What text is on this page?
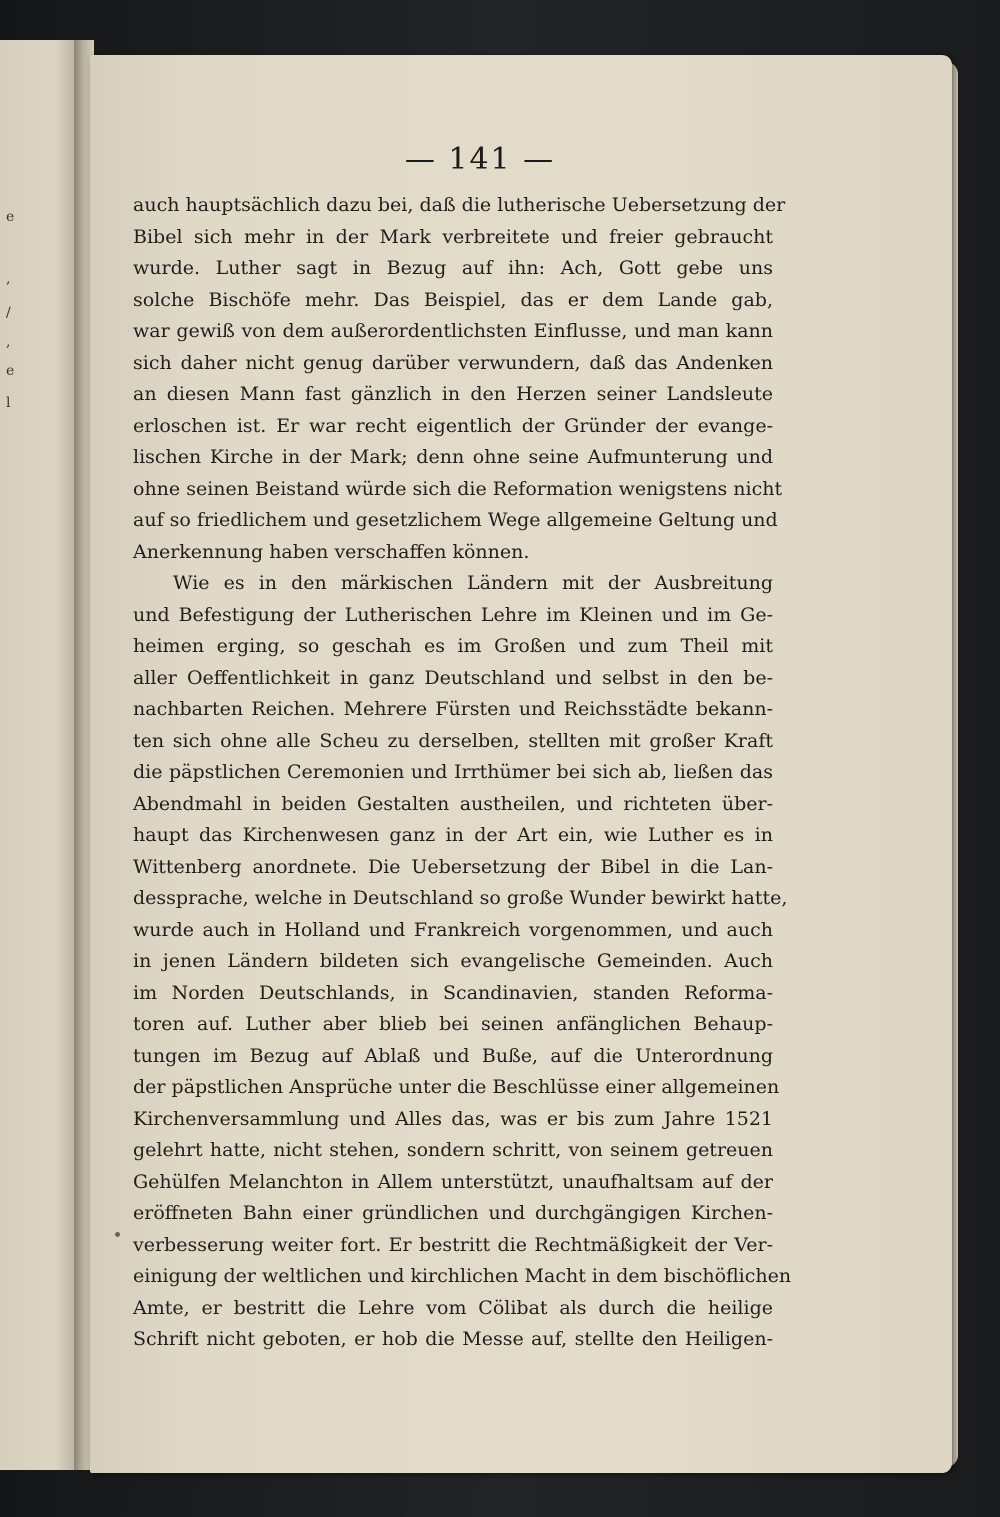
e
,
/
,
e
l
— 141 —
auch hauptsächlich dazu bei, daß die lutherische Uebersetzung der
Bibel sich mehr in der Mark verbreitete und freier gebraucht
wurde. Luther sagt in Bezug auf ihn: Ach, Gott gebe uns
solche Bischöfe mehr. Das Beispiel, das er dem Lande gab,
war gewiß von dem außerordentlichsten Einflusse, und man kann
sich daher nicht genug darüber verwundern, daß das Andenken
an diesen Mann fast gänzlich in den Herzen seiner Landsleute
erloschen ist. Er war recht eigentlich der Gründer der evange-
lischen Kirche in der Mark; denn ohne seine Aufmunterung und
ohne seinen Beistand würde sich die Reformation wenigstens nicht
auf so friedlichem und gesetzlichem Wege allgemeine Geltung und
Anerkennung haben verschaffen können.
Wie es in den märkischen Ländern mit der Ausbreitung
und Befestigung der Lutherischen Lehre im Kleinen und im Ge-
heimen erging, so geschah es im Großen und zum Theil mit
aller Oeffentlichkeit in ganz Deutschland und selbst in den be-
nachbarten Reichen. Mehrere Fürsten und Reichsstädte bekann-
ten sich ohne alle Scheu zu derselben, stellten mit großer Kraft
die päpstlichen Ceremonien und Irrthümer bei sich ab, ließen das
Abendmahl in beiden Gestalten austheilen, und richteten über-
haupt das Kirchenwesen ganz in der Art ein, wie Luther es in
Wittenberg anordnete. Die Uebersetzung der Bibel in die Lan-
dessprache, welche in Deutschland so große Wunder bewirkt hatte,
wurde auch in Holland und Frankreich vorgenommen, und auch
in jenen Ländern bildeten sich evangelische Gemeinden. Auch
im Norden Deutschlands, in Scandinavien, standen Reforma-
toren auf. Luther aber blieb bei seinen anfänglichen Behaup-
tungen im Bezug auf Ablaß und Buße, auf die Unterordnung
der päpstlichen Ansprüche unter die Beschlüsse einer allgemeinen
Kirchenversammlung und Alles das, was er bis zum Jahre 1521
gelehrt hatte, nicht stehen, sondern schritt, von seinem getreuen
Gehülfen Melanchton in Allem unterstützt, unaufhaltsam auf der
eröffneten Bahn einer gründlichen und durchgängigen Kirchen-
verbesserung weiter fort. Er bestritt die Rechtmäßigkeit der Ver-
einigung der weltlichen und kirchlichen Macht in dem bischöflichen
Amte, er bestritt die Lehre vom Cölibat als durch die heilige
Schrift nicht geboten, er hob die Messe auf, stellte den Heiligen-
